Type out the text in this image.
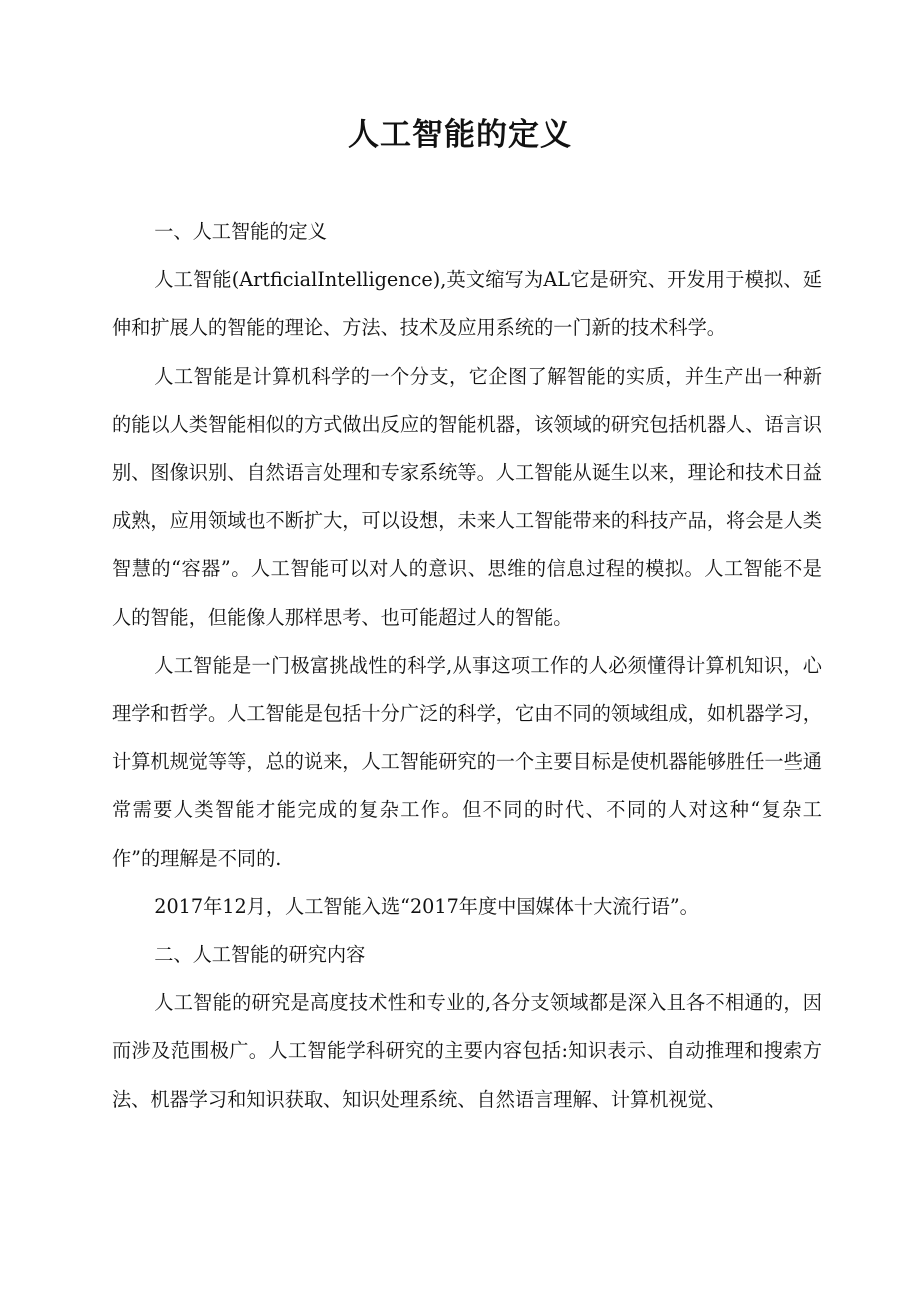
人工智能的定义

一、人工智能的定义

人工智能(ArtficialIntelligence),英文缩写为AL它是研究、开发用于模拟、延伸和扩展人的智能的理论、方法、技术及应用系统的一门新的技术科学。

人工智能是计算机科学的一个分支，它企图了解智能的实质，并生产出一种新的能以人类智能相似的方式做出反应的智能机器，该领域的研究包括机器人、语言识别、图像识别、自然语言处理和专家系统等。人工智能从诞生以来，理论和技术日益成熟，应用领域也不断扩大，可以设想，未来人工智能带来的科技产品，将会是人类智慧的“容器”。人工智能可以对人的意识、思维的信息过程的模拟。人工智能不是人的智能，但能像人那样思考、也可能超过人的智能。

人工智能是一门极富挑战性的科学,从事这项工作的人必须懂得计算机知识，心理学和哲学。人工智能是包括十分广泛的科学，它由不同的领域组成，如机器学习，计算机规觉等等，总的说来，人工智能研究的一个主要目标是使机器能够胜任一些通常需要人类智能才能完成的复杂工作。但不同的时代、不同的人对这种“复杂工作”的理解是不同的.

2017年12月，人工智能入选“2017年度中国媒体十大流行语”。

二、人工智能的研究内容

人工智能的研究是高度技术性和专业的,各分支领域都是深入且各不相通的，因而涉及范围极广。人工智能学科研究的主要内容包括:知识表示、自动推理和搜索方法、机器学习和知识获取、知识处理系统、自然语言理解、计算机视觉、
